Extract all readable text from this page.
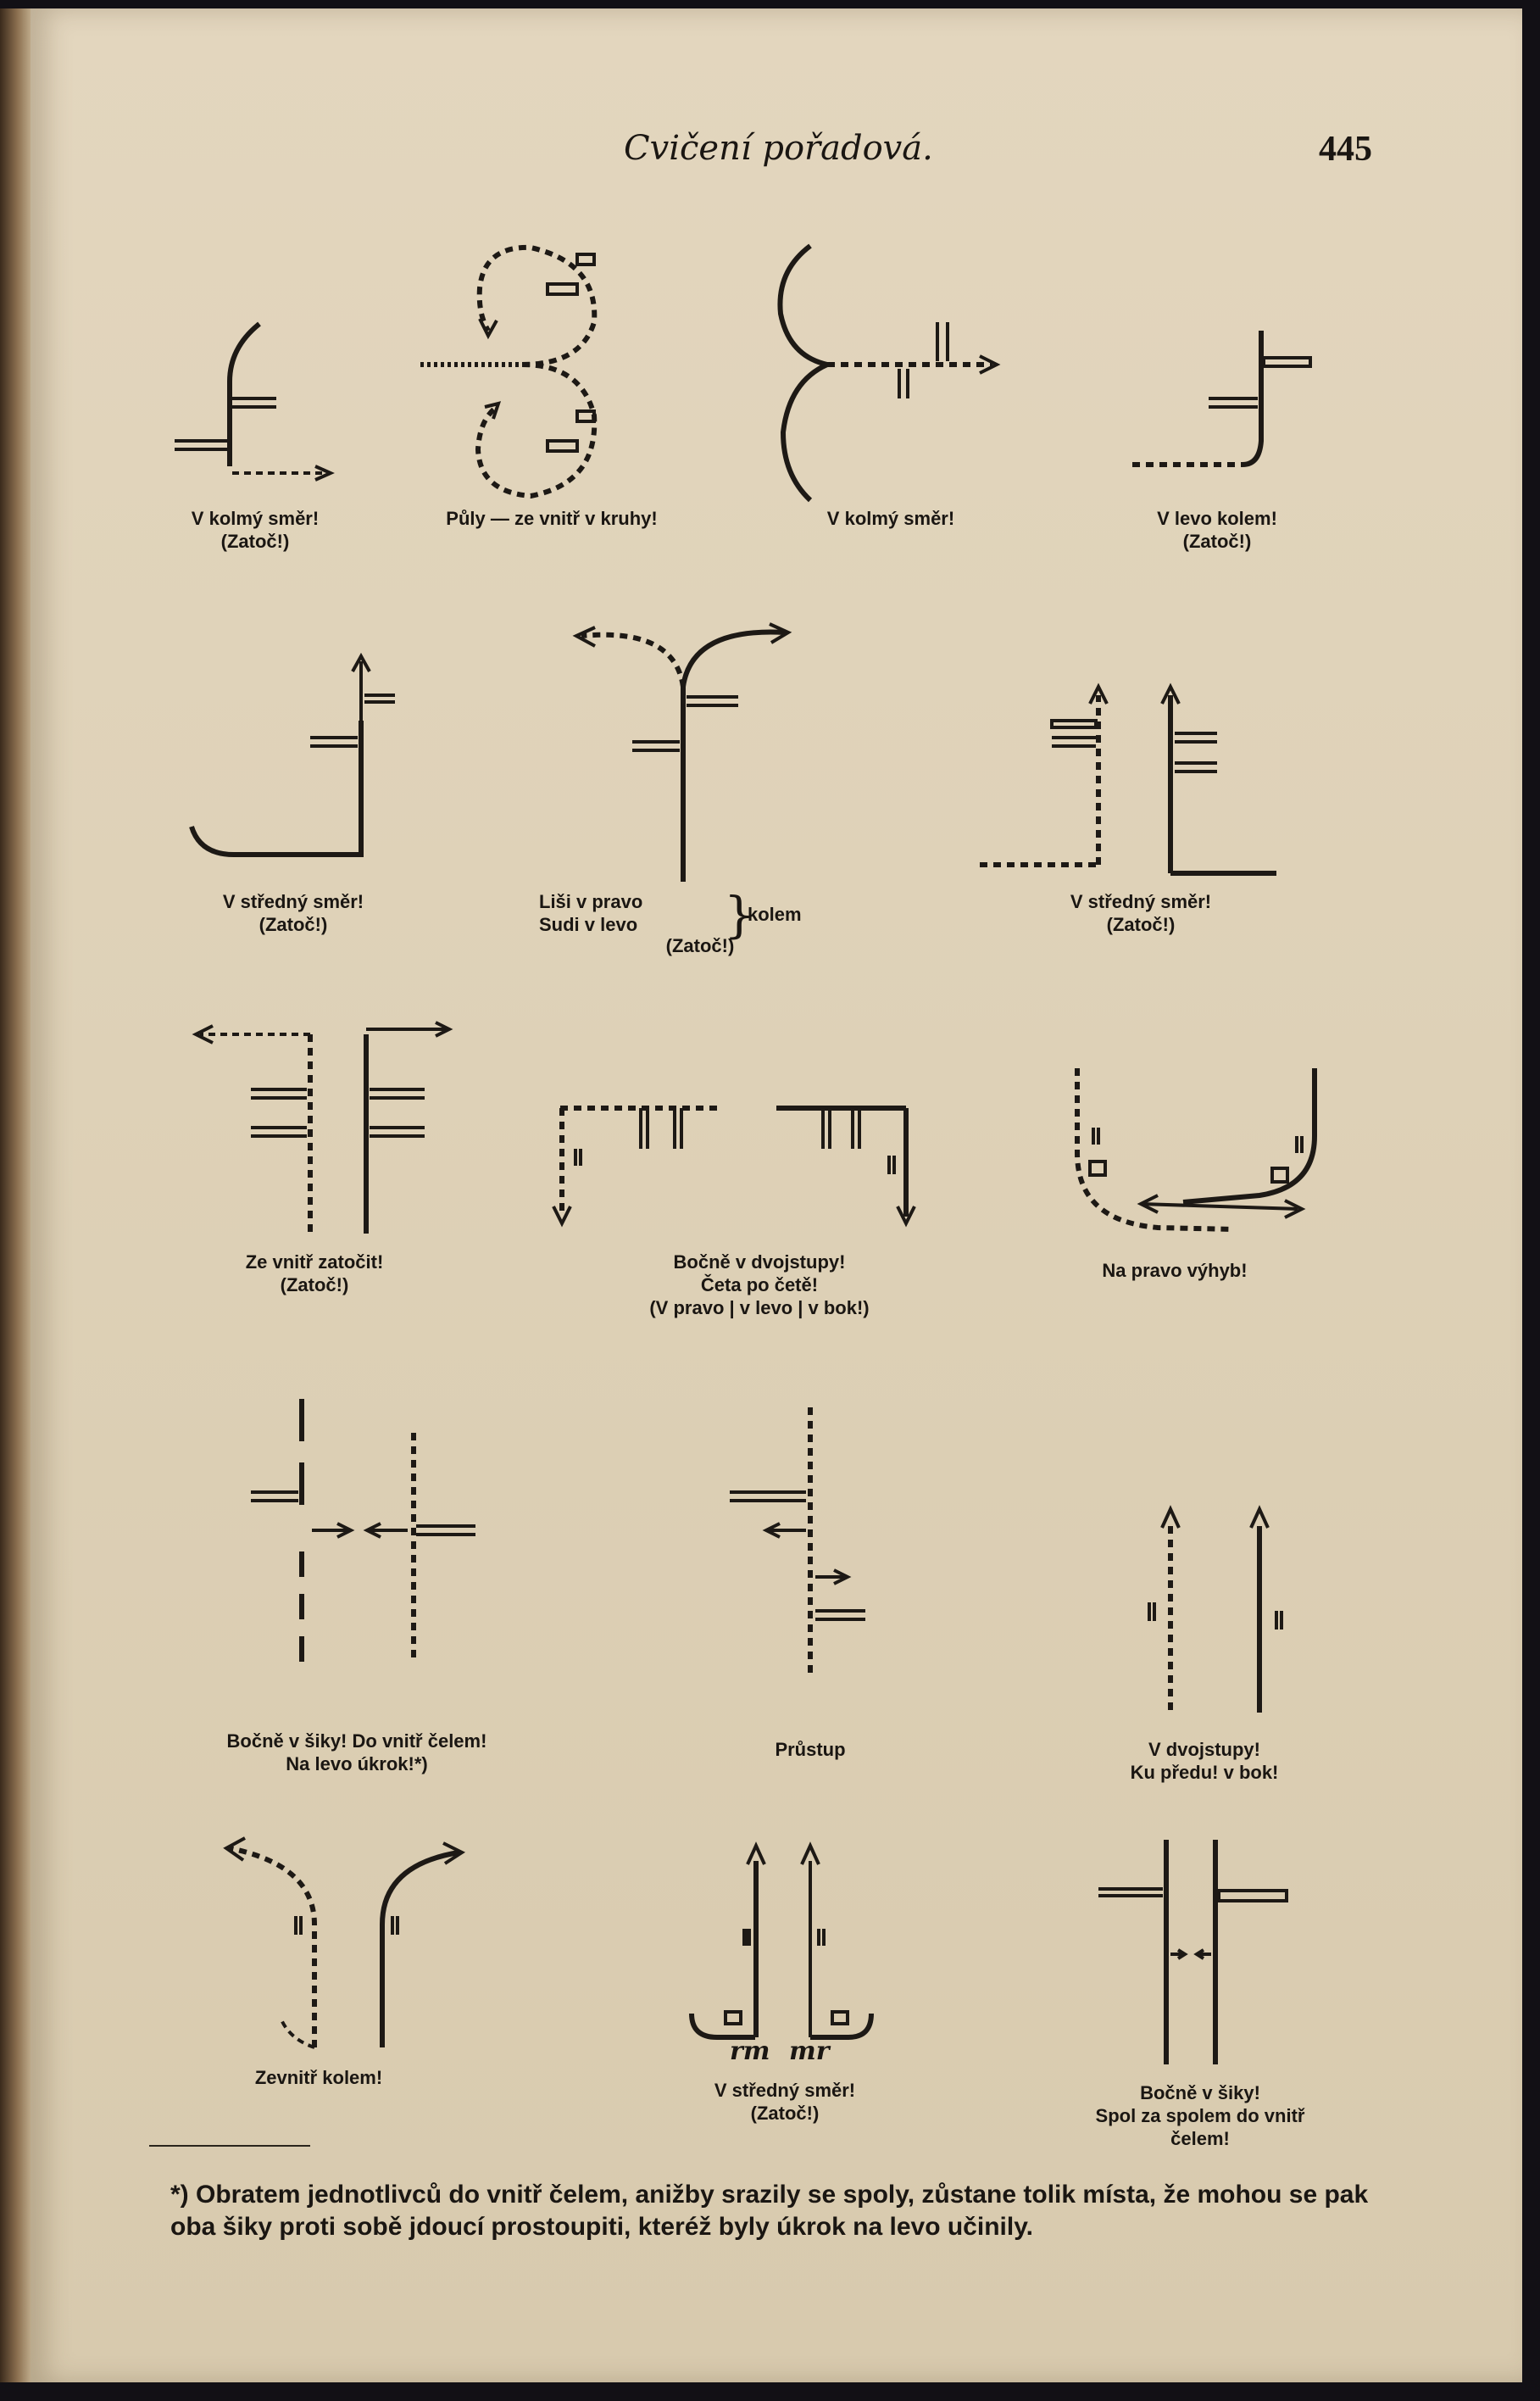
Cvičení pořadová.	445
V kolmý směr!
(Zatoč!)
Půly — ze vnitř v kruhy!	V kolmý směr!	V levo kolem!
(Zatoč!)
V středný směr!
(Zatoč!)
Liši v pravo
Sudi v levo	}
kolem
(Zatoč!)
V středný směr!
(Zatoč!)
Ze vnitř zatočit!
(Zatoč!)
Bočně v dvojstupy!
Četa po četě!
(V pravo | v levo | v bok!)
Na pravo výhyb!
Bočně v šiky! Do vnitř čelem!
Na levo úkrok!*)
Průstup	V dvojstupy!
Ku předu! v bok!
Zevnitř kolem!
rm mr
V středný směr!
(Zatoč!)
Bočně v šiky!
Spol za spolem do vnitř
čelem!
*) Obratem jednotlivců do vnitř čelem, anižby srazily se spoly, zůstane tolik místa, že mohou se pak oba šiky proti sobě jdoucí prostoupiti, kteréž byly úkrok na levo učinily.
